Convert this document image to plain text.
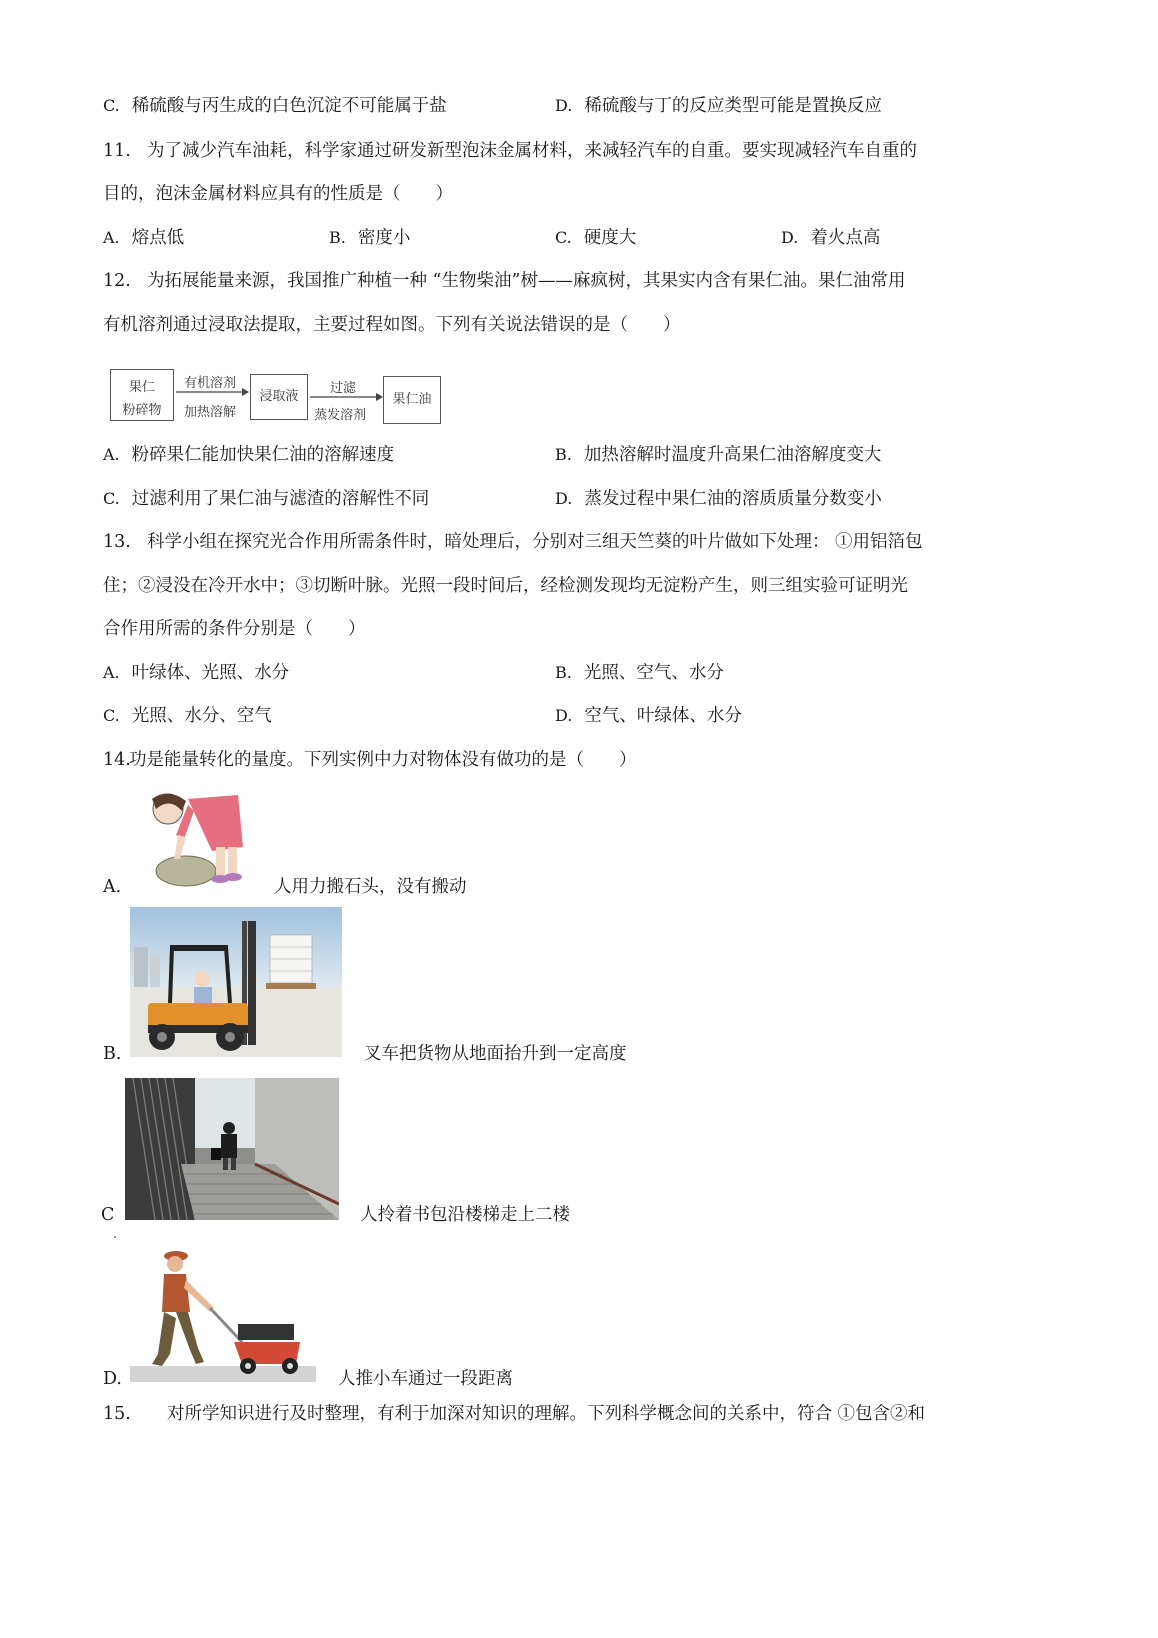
C. 稀硫酸与丙生成的白色沉淀不可能属于盐	D. 稀硫酸与丁的反应类型可能是置换反应
11. 为了减少汽车油耗，科学家通过研发新型泡沫金属材料，来减轻汽车的自重。要实现减轻汽车自重的
目的，泡沫金属材料应具有的性质是（　　）
A. 熔点低	B. 密度小	C. 硬度大	D. 着火点高
12. 为拓展能量来源，我国推广种植一种 “生物柴油”树——麻疯树，其果实内含有果仁油。果仁油常用
有机溶剂通过浸取法提取，主要过程如图。下列有关说法错误的是（　　）
果仁
粉碎物
有机溶剂
加热溶解
浸取液
过滤
蒸发溶剂
果仁油
A. 粉碎果仁能加快果仁油的溶解速度	B. 加热溶解时温度升高果仁油溶解度变大
C. 过滤利用了果仁油与滤渣的溶解性不同	D. 蒸发过程中果仁油的溶质质量分数变小
13. 科学小组在探究光合作用所需条件时，暗处理后，分别对三组天竺葵的叶片做如下处理： ①用铝箔包
住；②浸没在冷开水中；③切断叶脉。光照一段时间后，经检测发现均无淀粉产生，则三组实验可证明光
合作用所需的条件分别是（　　）
A. 叶绿体、光照、水分	B. 光照、空气、水分
C. 光照、水分、空气	D. 空气、叶绿体、水分
14.功是能量转化的量度。下列实例中力对物体没有做功的是（　　）
A.	人用力搬石头，没有搬动
B.	叉车把货物从地面抬升到一定高度
C
.
人拎着书包沿楼梯走上二楼
D.	人推小车通过一段距离
15. 对所学知识进行及时整理，有利于加深对知识的理解。下列科学概念间的关系中，符合 ①包含②和
